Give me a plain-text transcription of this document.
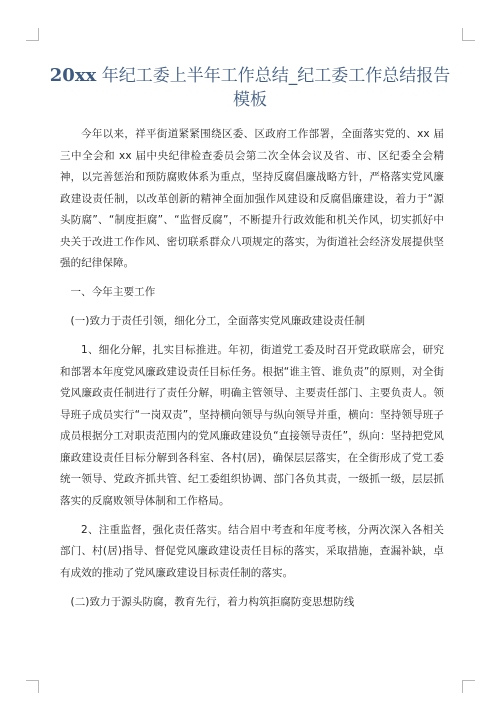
20xx 年纪工委上半年工作总结_纪工委工作总结报告 模板

今年以来，祥平街道紧紧围绕区委、区政府工作部署，全面落实党的、xx 届三中全会和 xx 届中央纪律检查委员会第二次全体会议及省、市、区纪委全会精神，以完善惩治和预防腐败体系为重点，坚持反腐倡廉战略方针，严格落实党风廉政建设责任制，以改革创新的精神全面加强作风建设和反腐倡廉建设，着力于“源头防腐”、“制度拒腐”、“监督反腐”，不断提升行政效能和机关作风，切实抓好中央关于改进工作作风、密切联系群众八项规定的落实，为街道社会经济发展提供坚强的纪律保障。

一、今年主要工作

(一)致力于责任引领，细化分工，全面落实党风廉政建设责任制

1、细化分解，扎实目标推进。年初，街道党工委及时召开党政联席会，研究和部署本年度党风廉政建设责任目标任务。根据“谁主管、谁负责”的原则，对全街党风廉政责任制进行了责任分解，明确主管领导、主要责任部门、主要负责人。领导班子成员实行“一岗双责”，坚持横向领导与纵向领导并重，横向：坚持领导班子成员根据分工对职责范围内的党风廉政建设负“直接领导责任”，纵向：坚持把党风廉政建设责任目标分解到各科室、各村(居)，确保层层落实，在全街形成了党工委统一领导、党政齐抓共管、纪工委组织协调、部门各负其责，一级抓一级，层层抓落实的反腐败领导体制和工作格局。

2、注重监督，强化责任落实。结合眉中考查和年度考核，分两次深入各相关部门、村(居)指导、督促党风廉政建设责任目标的落实，采取措施，查漏补缺，卓有成效的推动了党风廉政建设目标责任制的落实。

(二)致力于源头防腐，教育先行，着力构筑拒腐防变思想防线
